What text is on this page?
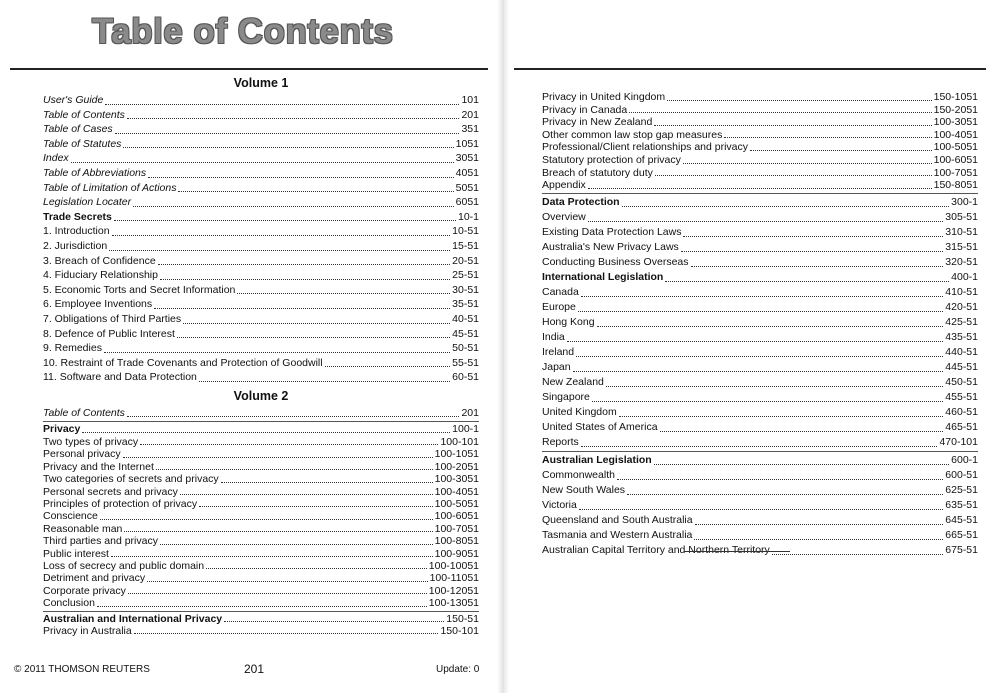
Table of Contents
Volume 1
User's Guide	101
Table of Contents	201
Table of Cases	351
Table of Statutes	1051
Index	3051
Table of Abbreviations	4051
Table of Limitation of Actions	5051
Legislation Locater	6051
Trade Secrets	10-1
1. Introduction	10-51
2. Jurisdiction	15-51
3. Breach of Confidence	20-51
4. Fiduciary Relationship	25-51
5. Economic Torts and Secret Information	30-51
6. Employee Inventions	35-51
7. Obligations of Third Parties	40-51
8. Defence of Public Interest	45-51
9. Remedies	50-51
10. Restraint of Trade Covenants and Protection of Goodwill	55-51
11. Software and Data Protection	60-51
Volume 2
Table of Contents	201
Privacy	100-1
Two types of privacy	100-101
Personal privacy	100-1051
Privacy and the Internet	100-2051
Two categories of secrets and privacy	100-3051
Personal secrets and privacy	100-4051
Principles of protection of privacy	100-5051
Conscience	100-6051
Reasonable man	100-7051
Third parties and privacy	100-8051
Public interest	100-9051
Loss of secrecy and public domain	100-10051
Detriment and privacy	100-11051
Corporate privacy	100-12051
Conclusion	100-13051
Australian and International Privacy	150-51
Privacy in Australia	150-101
© 2011 THOMSON REUTERS	201	Update: 0
Privacy in United Kingdom	150-1051
Privacy in Canada	150-2051
Privacy in New Zealand	100-3051
Other common law stop gap measures	100-4051
Professional/Client relationships and privacy	100-5051
Statutory protection of privacy	100-6051
Breach of statutory duty	100-7051
Appendix	150-8051
Data Protection	300-1
Overview	305-51
Existing Data Protection Laws	310-51
Australia's New Privacy Laws	315-51
Conducting Business Overseas	320-51
International Legislation	400-1
Canada	410-51
Europe	420-51
Hong Kong	425-51
India	435-51
Ireland	440-51
Japan	445-51
New Zealand	450-51
Singapore	455-51
United Kingdom	460-51
United States of America	465-51
Reports	470-101
Australian Legislation	600-1
Commonwealth	600-51
New South Wales	625-51
Victoria	635-51
Queensland and South Australia	645-51
Tasmania and Western Australia	665-51
Australian Capital Territory and Northern Territory	675-51
